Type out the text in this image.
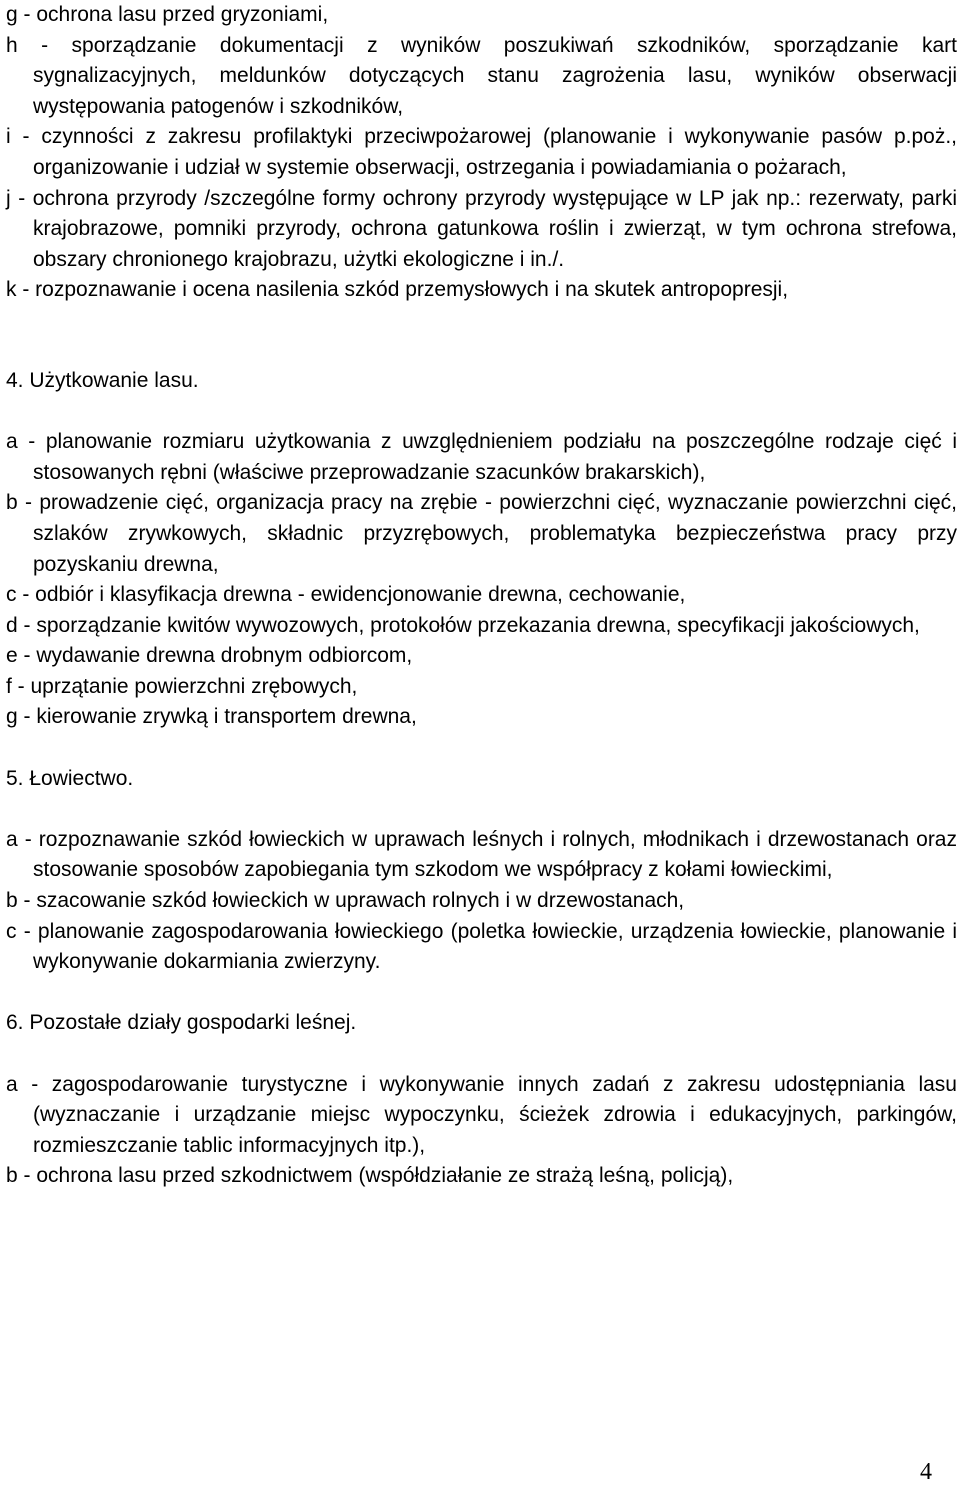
g - ochrona lasu przed gryzoniami,
h - sporządzanie dokumentacji z wyników poszukiwań szkodników, sporządzanie kart sygnalizacyjnych, meldunków dotyczących stanu zagrożenia lasu, wyników obserwacji występowania patogenów i szkodników,
i - czynności z zakresu profilaktyki przeciwpożarowej (planowanie i wykonywanie pasów p.poż., organizowanie i udział w systemie obserwacji, ostrzegania i powiadamiania o pożarach,
j - ochrona przyrody /szczególne formy ochrony przyrody występujące w LP jak np.: rezerwaty, parki krajobrazowe, pomniki przyrody, ochrona gatunkowa roślin i zwierząt, w tym ochrona strefowa, obszary chronionego krajobrazu, użytki ekologiczne i in./.
k - rozpoznawanie i ocena nasilenia szkód przemysłowych i na skutek antropopresji,
4. Użytkowanie lasu.
a - planowanie rozmiaru użytkowania z uwzględnieniem podziału na poszczególne rodzaje cięć i stosowanych rębni (właściwe przeprowadzanie szacunków brakarskich),
b - prowadzenie cięć, organizacja pracy na zrębie - powierzchni cięć, wyznaczanie powierzchni cięć, szlaków zrywkowych, składnic przyzrębowych, problematyka bezpieczeństwa pracy przy pozyskaniu drewna,
c - odbiór i klasyfikacja drewna - ewidencjonowanie drewna, cechowanie,
d - sporządzanie kwitów wywozowych, protokołów przekazania drewna, specyfikacji jakościowych,
e - wydawanie drewna drobnym odbiorcom,
f - uprzątanie powierzchni zrębowych,
g - kierowanie zrywką i transportem drewna,
5. Łowiectwo.
a - rozpoznawanie szkód łowieckich w uprawach leśnych i rolnych, młodnikach i drzewostanach oraz stosowanie sposobów zapobiegania tym szkodom we współpracy z kołami łowieckimi,
b - szacowanie szkód łowieckich w uprawach rolnych i w drzewostanach,
c - planowanie zagospodarowania łowieckiego (poletka łowieckie, urządzenia łowieckie, planowanie i wykonywanie dokarmiania zwierzyny.
6. Pozostałe działy gospodarki leśnej.
a - zagospodarowanie turystyczne i wykonywanie innych zadań z zakresu udostępniania lasu (wyznaczanie i urządzanie miejsc wypoczynku, ścieżek zdrowia i edukacyjnych, parkingów, rozmieszczanie tablic informacyjnych itp.),
b - ochrona lasu przed szkodnictwem (współdziałanie ze strażą leśną, policją),
4
